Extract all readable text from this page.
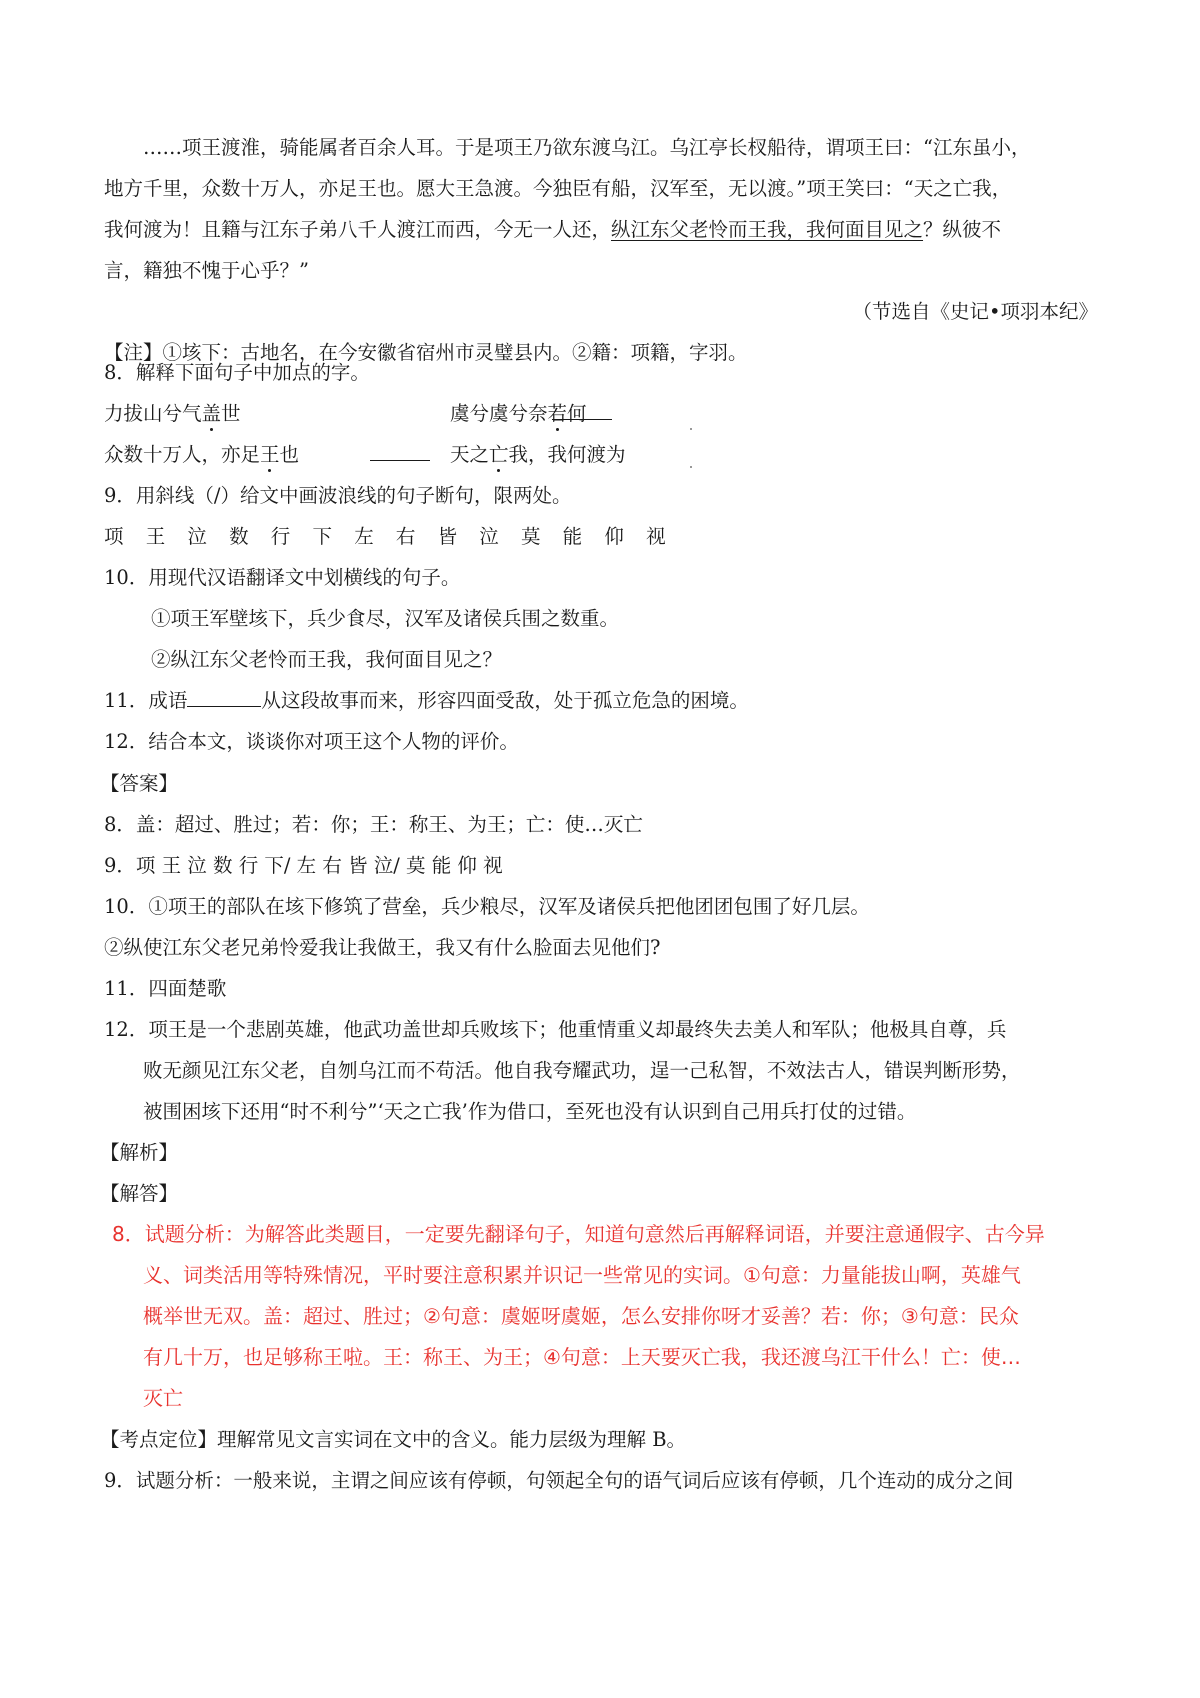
……项王渡淮，骑能属者百余人耳。于是项王乃欲东渡乌江。乌江亭长杈船待，谓项王曰：“江东虽小，
地方千里，众数十万人，亦足王也。愿大王急渡。今独臣有船，汉军至，无以渡。”项王笑曰：“天之亡我，
我何渡为！且籍与江东子弟八千人渡江而西，今无一人还，纵江东父老怜而王我，我何面目见之？纵彼不
言，籍独不愧于心乎？”
（节选自《史记•项羽本纪》
【注】①垓下：古地名，在今安徽省宿州市灵璧县内。②籍：项籍，字羽。
8．解释下面句子中加点的字。
力拔山兮气盖世	虞兮虞兮奈若何
众数十万人，亦足王也	天之亡我，我何渡为
9．用斜线（/）给文中画波浪线的句子断句，限两处。
项 王 泣 数 行 下 左 右 皆 泣 莫 能 仰 视
10．用现代汉语翻译文中划横线的句子。
①项王军壁垓下，兵少食尽，汉军及诸侯兵围之数重。
②纵江东父老怜而王我，我何面目见之？
11．成语	从这段故事而来，形容四面受敌，处于孤立危急的困境。
12．结合本文，谈谈你对项王这个人物的评价。
【答案】
8．盖：超过、胜过；若：你；王：称王、为王；亡：使…灭亡
9．项 王 泣 数 行 下/ 左 右 皆 泣/ 莫 能 仰 视
10．①项王的部队在垓下修筑了营垒，兵少粮尽，汉军及诸侯兵把他团团包围了好几层。
②纵使江东父老兄弟怜爱我让我做王，我又有什么脸面去见他们?
11．四面楚歌
12．项王是一个悲剧英雄，他武功盖世却兵败垓下；他重情重义却最终失去美人和军队；他极具自尊，兵
败无颜见江东父老，自刎乌江而不苟活。他自我夸耀武功，逞一己私智，不效法古人，错误判断形势，
被围困垓下还用“时不利兮”‘天之亡我’作为借口，至死也没有认识到自己用兵打仗的过错。
【解析】
【解答】
8．试题分析：为解答此类题目，一定要先翻译句子，知道句意然后再解释词语，并要注意通假字、古今异
义、词类活用等特殊情况，平时要注意积累并识记一些常见的实词。①句意：力量能拔山啊，英雄气
概举世无双。盖：超过、胜过；②句意：虞姬呀虞姬，怎么安排你呀才妥善？若：你；③句意：民众
有几十万，也足够称王啦。王：称王、为王；④句意：上天要灭亡我，我还渡乌江干什么！亡：使…
灭亡
【考点定位】理解常见文言实词在文中的含义。能力层级为理解 B。
9．试题分析：一般来说，主谓之间应该有停顿，句领起全句的语气词后应该有停顿，几个连动的成分之间
